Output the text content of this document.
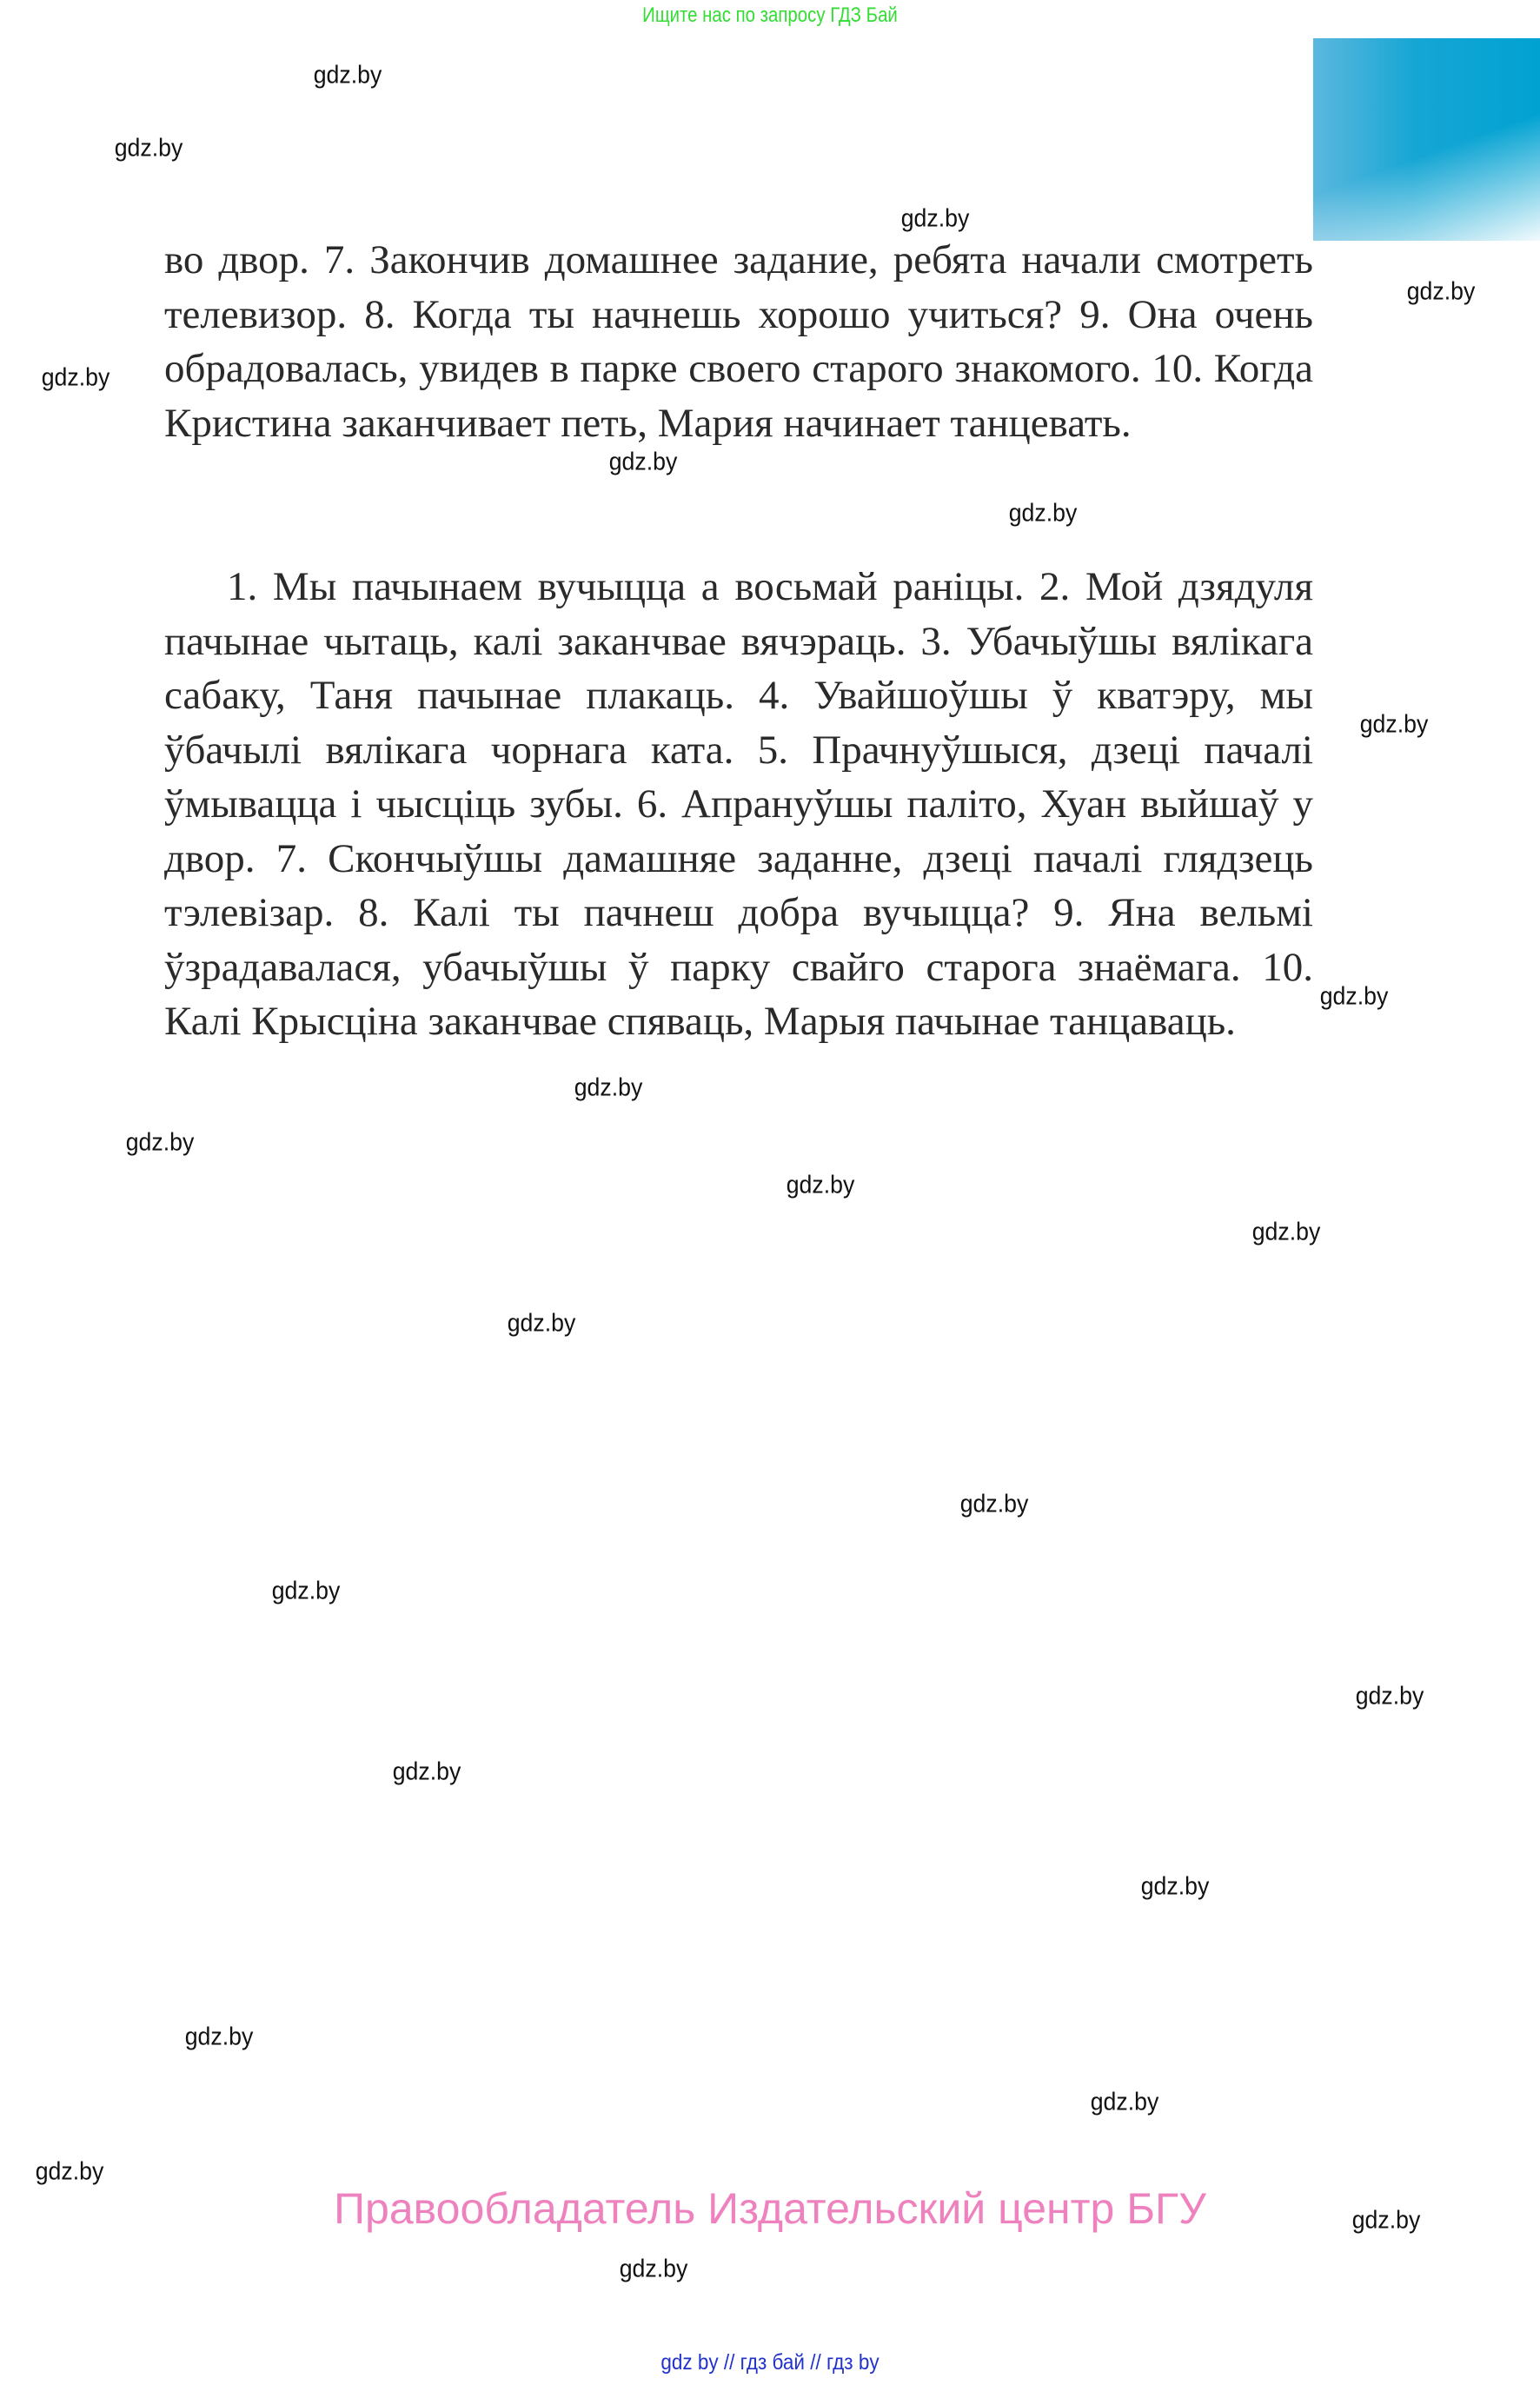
Ищите нас по запросу ГДЗ Бай

во двор. 7. Закончив домашнее задание, ребята начали смотреть телевизор. 8. Когда ты начнешь хорошо учиться? 9. Она очень обрадовалась, увидев в парке своего старого знакомого. 10. Когда Кристина заканчивает петь, Мария начинает танцевать.

1. Мы пачынаем вучыцца а восьмай раніцы. 2. Мой дзядуля пачынае чытаць, калі заканчвае вячэраць. 3. Убачыўшы вялікага сабаку, Таня пачынае плакаць. 4. Увайшоўшы ў кватэру, мы ўбачылі вялікага чорнага ката. 5. Прачнуўшыся, дзеці пачалі ўмывацца і чысціць зубы. 6. Апрануўшы паліто, Хуан выйшаў у двор. 7. Скончыўшы дамашняе заданне, дзеці пачалі глядзець тэлевізар. 8. Калі ты пачнеш добра вучыцца? 9. Яна вельмі ўзрадавалася, убачыўшы ў парку свайго старога знаёмага. 10. Калі Крысціна заканчвае спяваць, Марыя пачынае танцаваць.

gdz.by
gdz.by
gdz.by
gdz.by
gdz.by
gdz.by
gdz.by
gdz.by
gdz.by
gdz.by
gdz.by
gdz.by
gdz.by
gdz.by
gdz.by
gdz.by
gdz.by
gdz.by
gdz.by
gdz.by
gdz.by
gdz.by
gdz.by
gdz.by
Правообладатель Издательский центр БГУ
gdz by // гдз бай // гдз by
